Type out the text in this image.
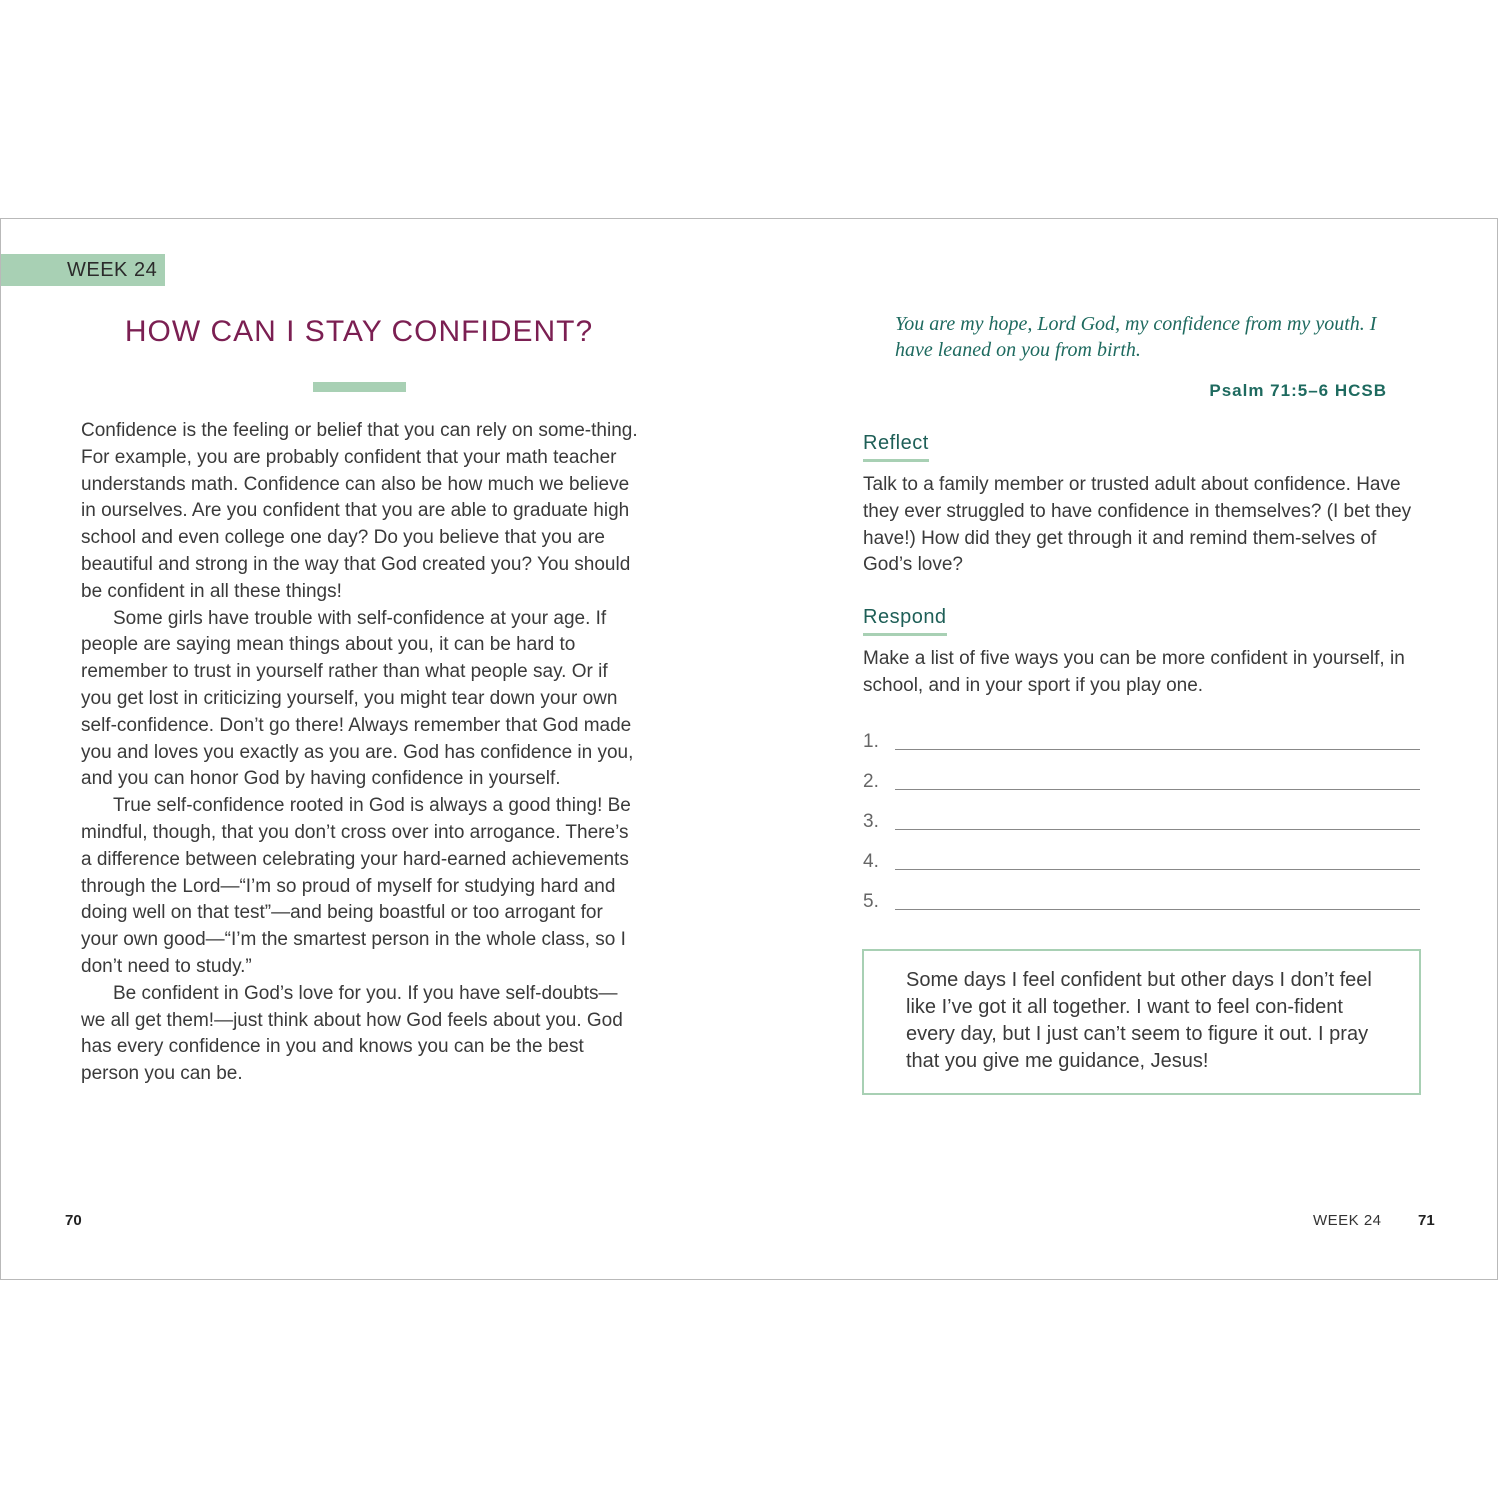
WEEK 24
HOW CAN I STAY CONFIDENT?

Confidence is the feeling or belief that you can rely on some-thing. For example, you are probably confident that your math teacher understands math. Confidence can also be how much we believe in ourselves. Are you confident that you are able to graduate high school and even college one day? Do you believe that you are beautiful and strong in the way that God created you? You should be confident in all these things!

Some girls have trouble with self-confidence at your age. If people are saying mean things about you, it can be hard to remember to trust in yourself rather than what people say. Or if you get lost in criticizing yourself, you might tear down your own self-confidence. Don’t go there! Always remember that God made you and loves you exactly as you are. God has confidence in you, and you can honor God by having confidence in yourself.

True self-confidence rooted in God is always a good thing! Be mindful, though, that you don’t cross over into arrogance. There’s a difference between celebrating your hard-earned achievements through the Lord—“I’m so proud of myself for studying hard and doing well on that test”—and being boastful or too arrogant for your own good—“I’m the smartest person in the whole class, so I don’t need to study.”

Be confident in God’s love for you. If you have self-doubts—we all get them!—just think about how God feels about you. God has every confidence in you and knows you can be the best person you can be.

70
You are my hope, Lord God, my confidence from my youth. I have leaned on you from birth.
Psalm 71:5–6 HCSB
Reflect

Talk to a family member or trusted adult about confidence. Have they ever struggled to have confidence in themselves? (I bet they have!) How did they get through it and remind them-selves of God’s love?

Respond

Make a list of five ways you can be more confident in yourself, in school, and in your sport if you play one.

1.
2.
3.
4.
5.
Some days I feel confident but other days I don’t feel like I’ve got it all together. I want to feel con-fident every day, but I just can’t seem to figure it out. I pray that you give me guidance, Jesus!
WEEK 24 71
